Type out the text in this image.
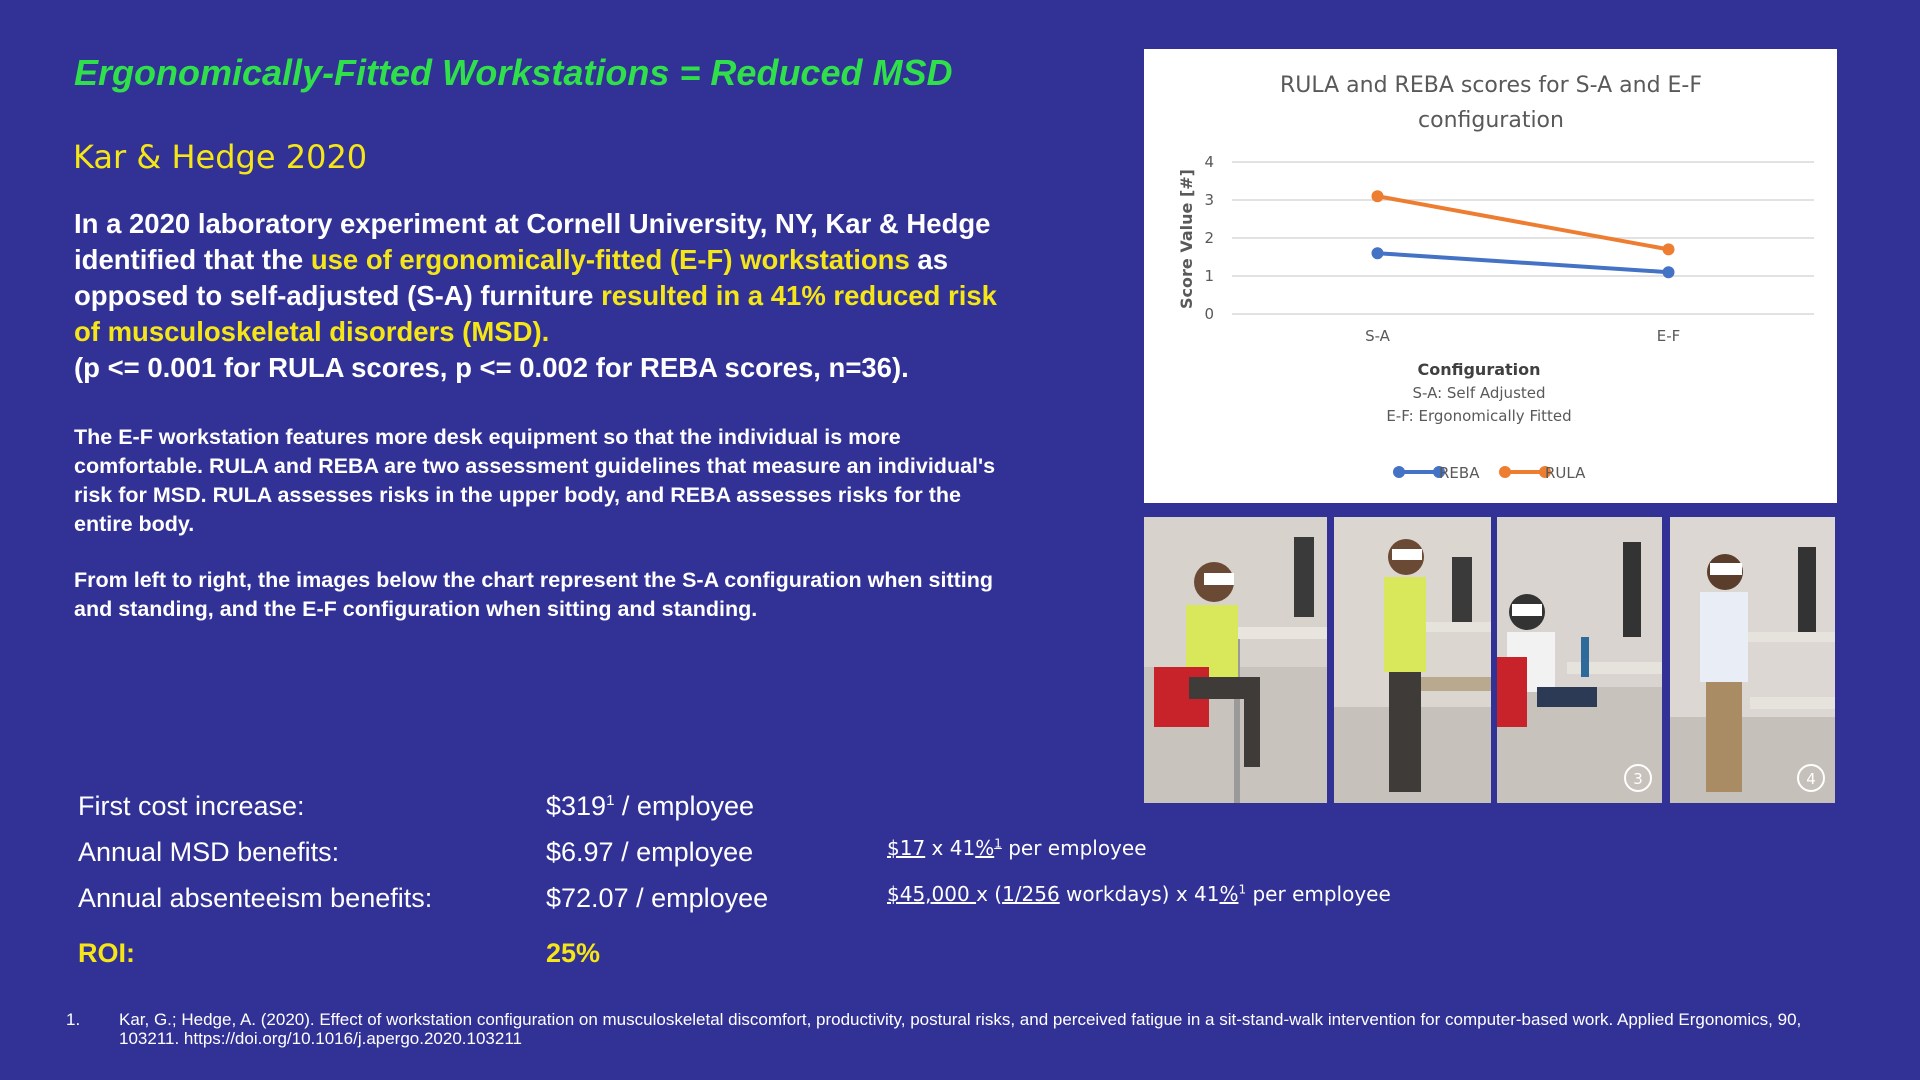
Ergonomically-Fitted Workstations = Reduced MSD
Kar & Hedge 2020
In a 2020 laboratory experiment at Cornell University, NY, Kar & Hedge identified that the use of ergonomically-fitted (E-F) workstations as opposed to self-adjusted (S-A) furniture resulted in a 41% reduced risk of musculoskeletal disorders (MSD).
(p <= 0.001 for RULA scores, p <= 0.002 for REBA scores, n=36).
The E-F workstation features more desk equipment so that the individual is more comfortable. RULA and REBA are two assessment guidelines that measure an individual's risk for MSD. RULA assesses risks in the upper body, and REBA assesses risks for the entire body.
From left to right, the images below the chart represent the S-A configuration when sitting and standing, and the E-F configuration when sitting and standing.
RULA and REBA scores for S-A and E-F
configuration
0
1
2
3
4
S-A	E-F
Score Value [#]
Configuration
S-A: Self Adjusted
E-F: Ergonomically Fitted
REBA	RULA
3	4
First cost increase:	$\$319^1$ / employee
Annual MSD benefits:	$6.97 / employee	$17 x 41%$^1$ per employee
Annual absenteeism benefits:	$72.07 / employee	$45,000 x (1/256 workdays) x 41%$^1$ per employee
ROI:	25%
1. Kar, G.; Hedge, A. (2020). Effect of workstation configuration on musculoskeletal discomfort, productivity, postural risks, and perceived fatigue in a sit-stand-walk intervention for computer-based work. Applied Ergonomics, 90, 103211. https://doi.org/10.1016/j.apergo.2020.103211
